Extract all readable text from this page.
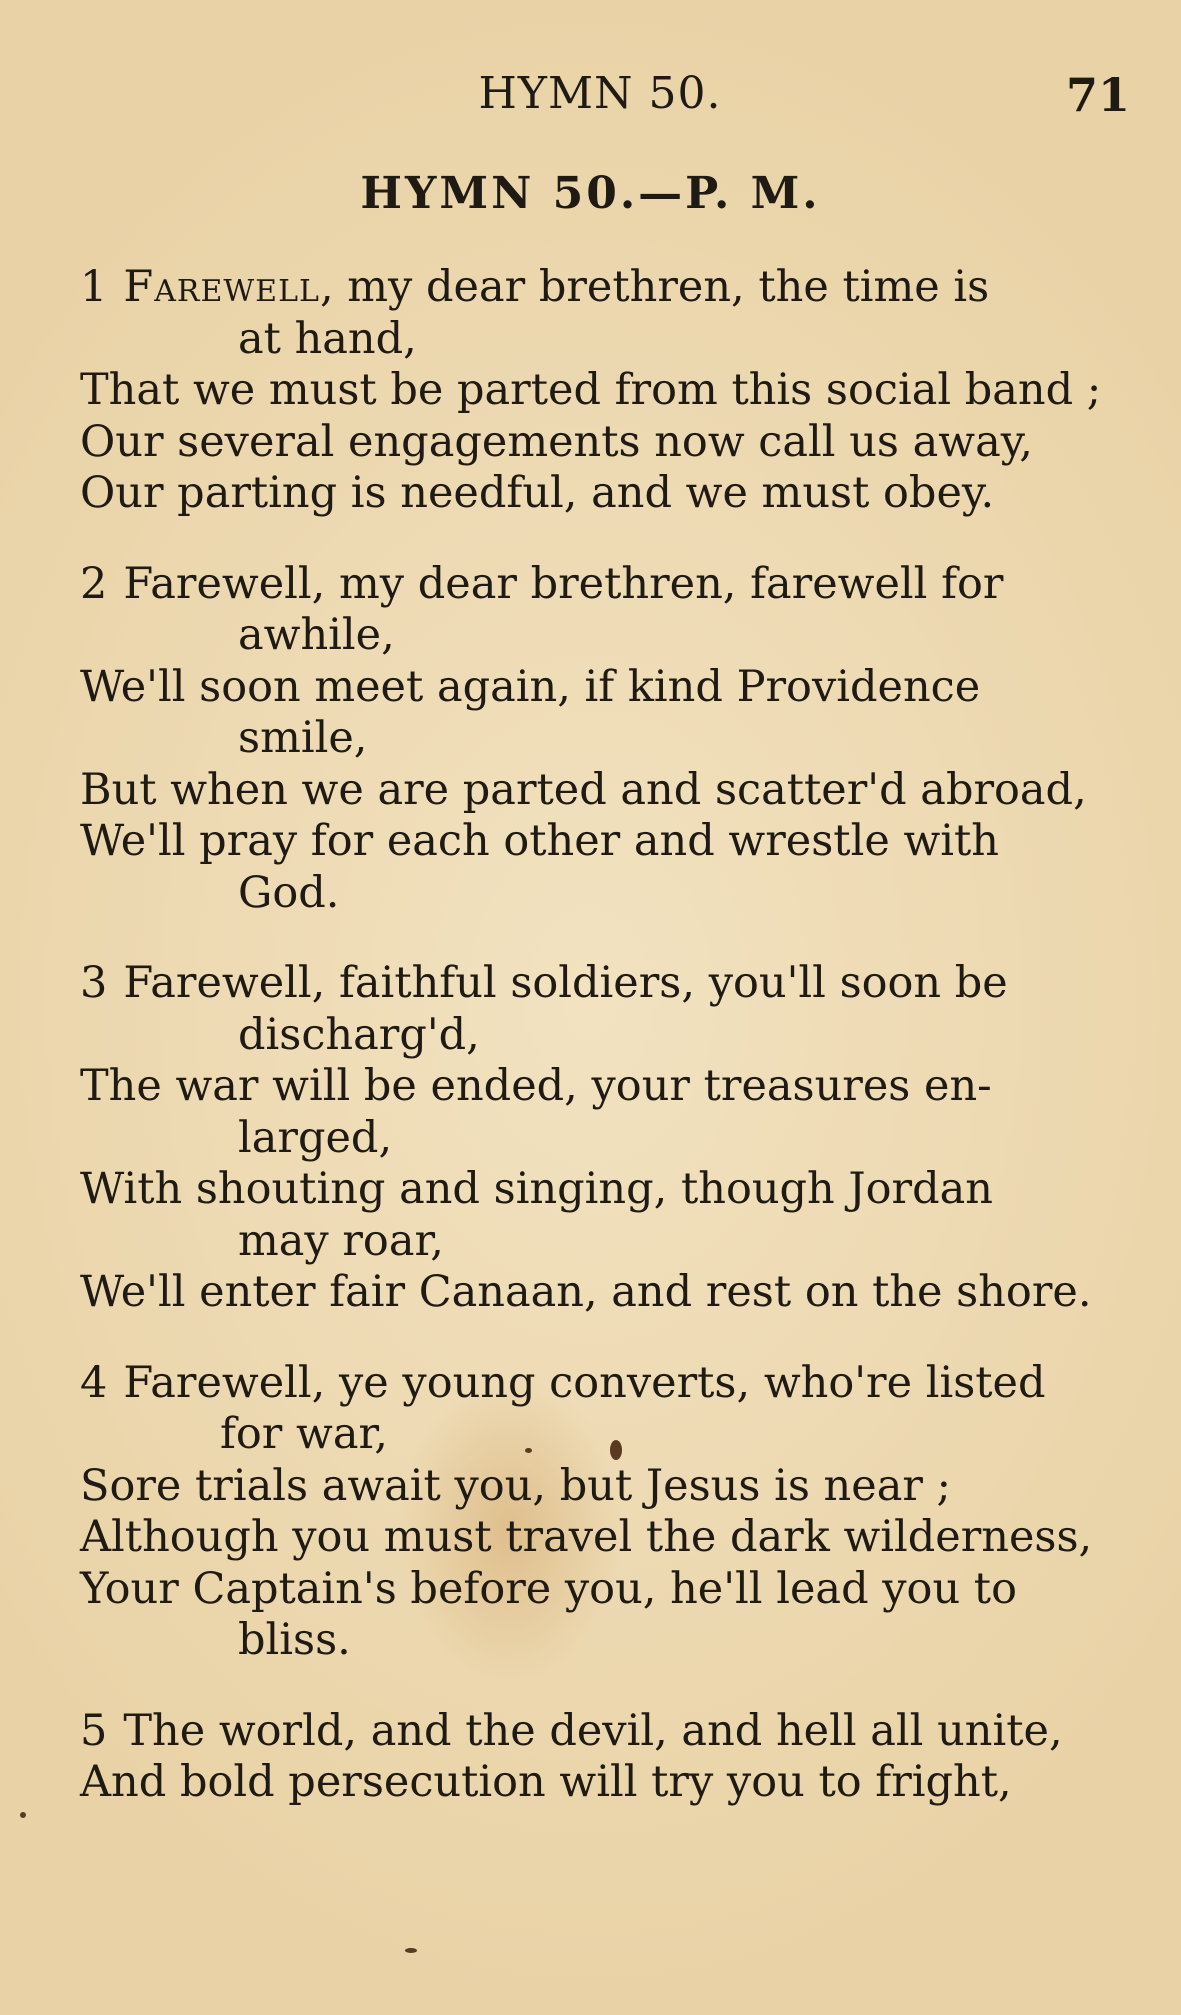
HYMN 50.	71
HYMN 50.—P. M.
1 Farewell, my dear brethren, the time is
at hand,
That we must be parted from this social band ;
Our several engagements now call us away,
Our parting is needful, and we must obey.
2 Farewell, my dear brethren, farewell for
awhile,
We'll soon meet again, if kind Providence
smile,
But when we are parted and scatter'd abroad,
We'll pray for each other and wrestle with
God.
3 Farewell, faithful soldiers, you'll soon be
discharg'd,
The war will be ended, your treasures en-
larged,
With shouting and singing, though Jordan
may roar,
We'll enter fair Canaan, and rest on the shore.
4 Farewell, ye young converts, who're listed
for war,
Sore trials await you, but Jesus is near ;
Although you must travel the dark wilderness,
Your Captain's before you, he'll lead you to
bliss.
5 The world, and the devil, and hell all unite,
And bold persecution will try you to fright,
